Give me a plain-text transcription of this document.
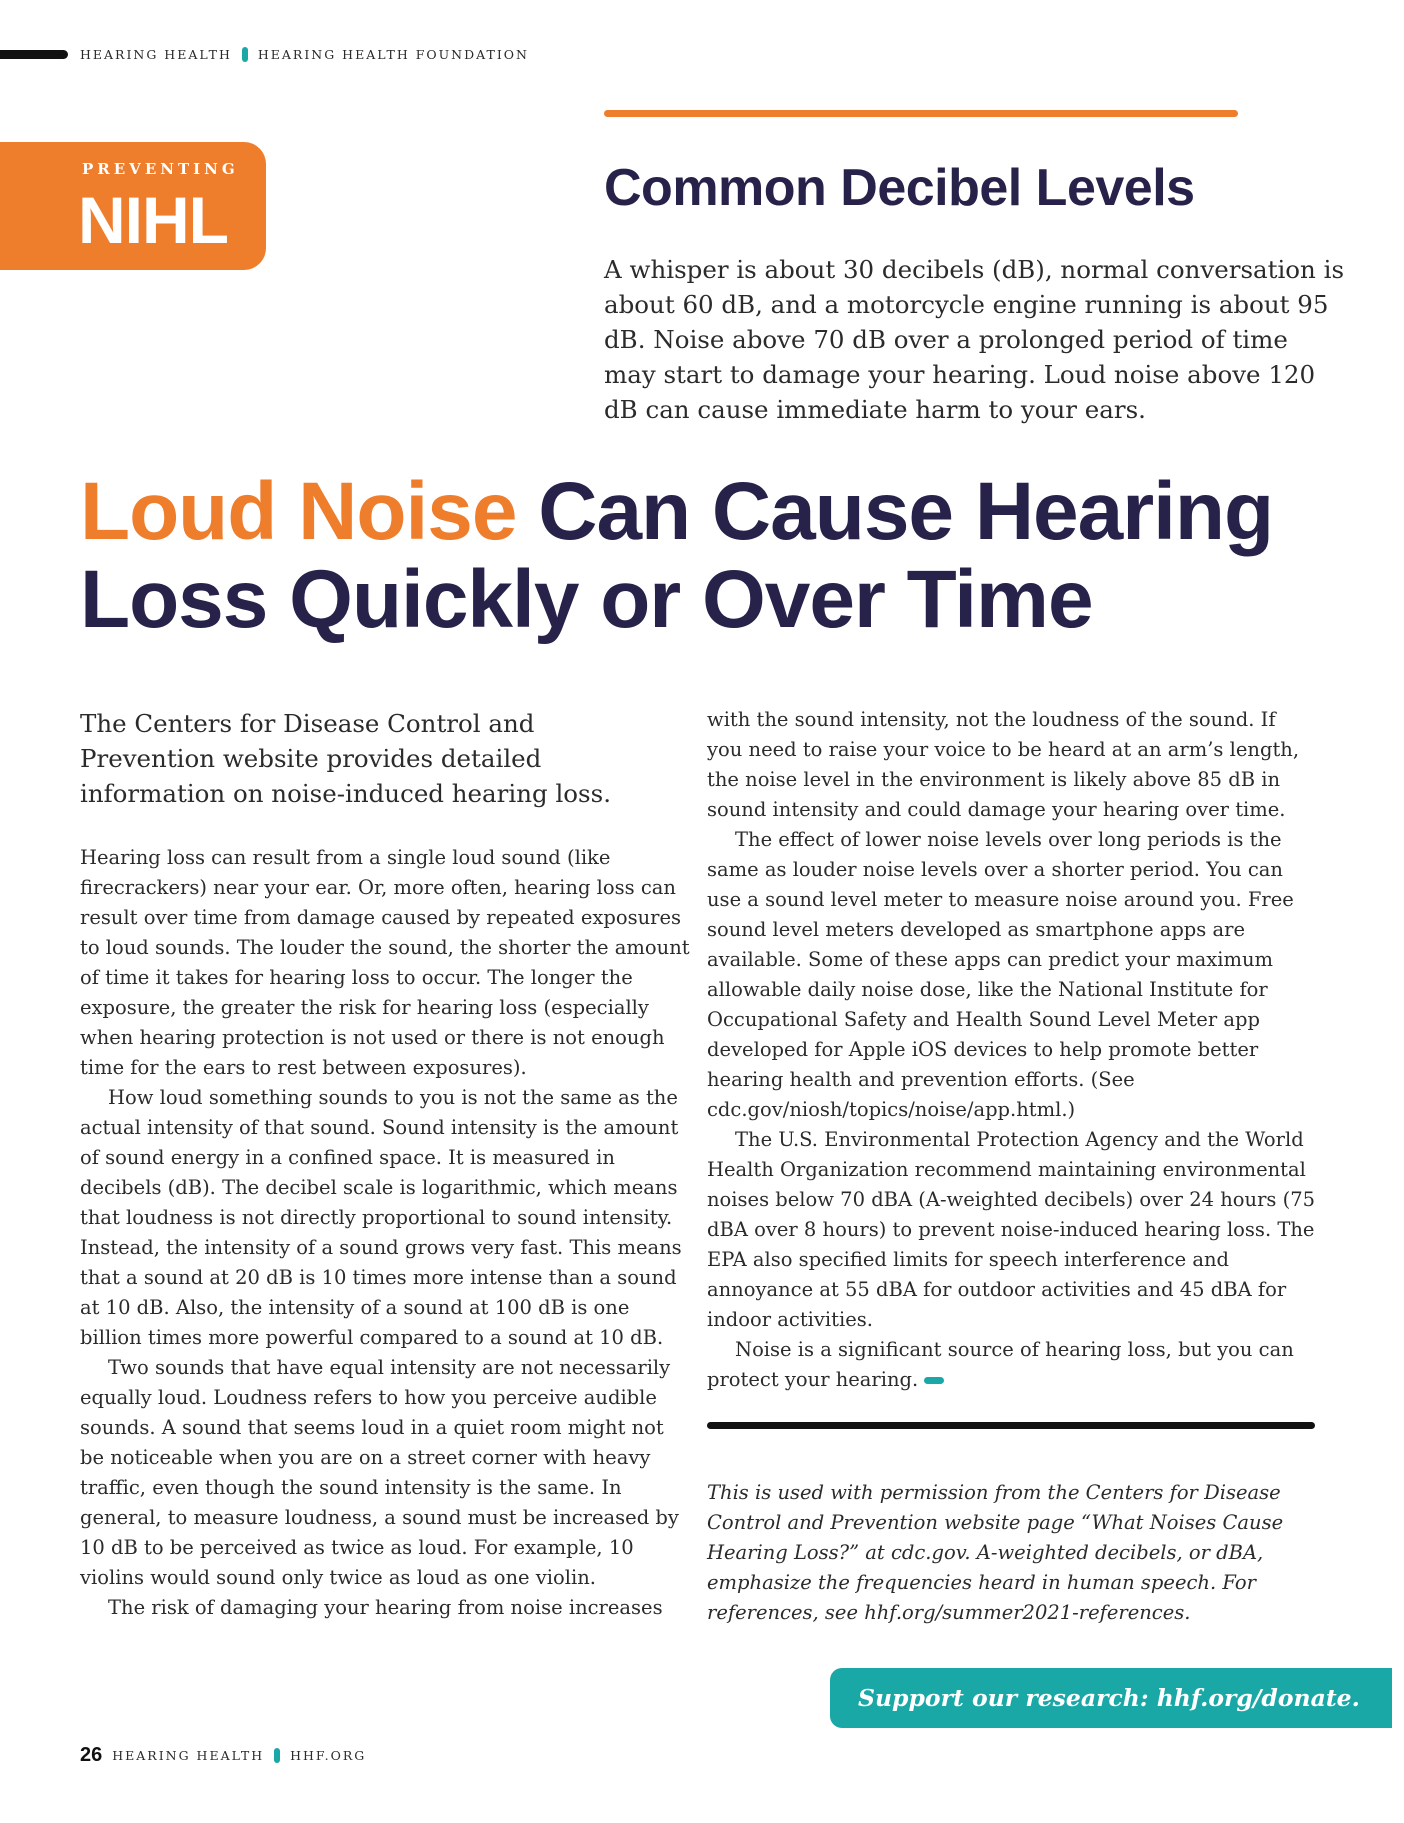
HEARING HEALTH HEARING HEALTH FOUNDATION
PREVENTING
NIHL	Common Decibel Levels

A whisper is about 30 decibels (dB), normal conversation is about 60 dB, and a motorcycle engine running is about 95 dB. Noise above 70 dB over a prolonged period of time may start to damage your hearing. Loud noise above 120 dB can cause immediate harm to your ears.

Loud Noise Can Cause Hearing Loss Quickly or Over Time

The Centers for Disease Control and Prevention website provides detailed information on noise-induced hearing loss.

Hearing loss can result from a single loud sound (like firecrackers) near your ear. Or, more often, hearing loss can result over time from damage caused by repeated exposures to loud sounds. The louder the sound, the shorter the amount of time it takes for hearing loss to occur. The longer the exposure, the greater the risk for hearing loss (especially when hearing protection is not used or there is not enough time for the ears to rest between exposures).

How loud something sounds to you is not the same as the actual intensity of that sound. Sound intensity is the amount of sound energy in a confined space. It is measured in decibels (dB). The decibel scale is logarithmic, which means that loudness is not directly proportional to sound intensity. Instead, the intensity of a sound grows very fast. This means that a sound at 20 dB is 10 times more intense than a sound at 10 dB. Also, the intensity of a sound at 100 dB is one billion times more powerful compared to a sound at 10 dB.

Two sounds that have equal intensity are not necessarily equally loud. Loudness refers to how you perceive audible sounds. A sound that seems loud in a quiet room might not be noticeable when you are on a street corner with heavy traffic, even though the sound intensity is the same. In general, to measure loudness, a sound must be increased by 10 dB to be perceived as twice as loud. For example, 10 violins would sound only twice as loud as one violin.

The risk of damaging your hearing from noise increases

with the sound intensity, not the loudness of the sound. If you need to raise your voice to be heard at an arm’s length, the noise level in the environment is likely above 85 dB in sound intensity and could damage your hearing over time.

The effect of lower noise levels over long periods is the same as louder noise levels over a shorter period. You can use a sound level meter to measure noise around you. Free sound level meters developed as smartphone apps are available. Some of these apps can predict your maximum allowable daily noise dose, like the National Institute for Occupational Safety and Health Sound Level Meter app developed for Apple iOS devices to help promote better hearing health and prevention efforts. (See cdc.gov/niosh/topics/noise/app.html.)

The U.S. Environmental Protection Agency and the World Health Organization recommend maintaining environmental noises below 70 dBA (A-weighted decibels) over 24 hours (75 dBA over 8 hours) to prevent noise-induced hearing loss. The EPA also specified limits for speech interference and annoyance at 55 dBA for outdoor activities and 45 dBA for indoor activities.

Noise is a significant source of hearing loss, but you can protect your hearing.

This is used with permission from the Centers for Disease Control and Prevention website page “What Noises Cause Hearing Loss?” at cdc.gov. A-weighted decibels, or dBA, emphasize the frequencies heard in human speech. For references, see hhf.org/summer2021-references.

Support our research: hhf.org/donate.
26 HEARING HEALTH HHF.ORG
